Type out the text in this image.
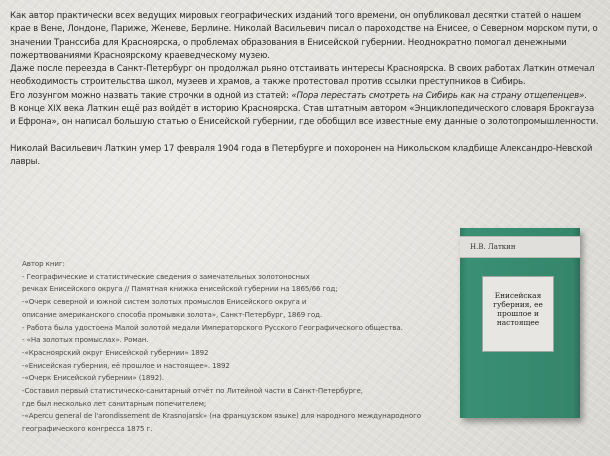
Как автор практически всех ведущих мировых географических изданий того времени, он опубликовал десятки статей о нашем крае в Вене, Лондоне, Париже, Женеве, Берлине. Николай Васильевич писал о пароходстве на Енисее, о Северном морском пути, о значении Транссиба для Красноярска, о проблемах образования в Енисейской губернии. Неоднократно помогал денежными пожертвованиями Красноярскому краеведческому музею.

Даже после переезда в Санкт-Петербург он продолжал рьяно отстаивать интересы Красноярска. В своих работах Латкин отмечал необходимость строительства школ, музеев и храмов, а также протестовал против ссылки преступников в Сибирь.

Его лозунгом можно назвать такие строчки в одной из статей: «Пора перестать смотреть на Сибирь как на страну отщепенцев».

В конце XIX века Латкин ещё раз войдёт в историю Красноярска. Став штатным автором «Энциклопедического словаря Брокгауза и Ефрона», он написал большую статью о Енисейской губернии, где обобщил все известные ему данные о золотопромышленности.

Николай Васильевич Латкин умер 17 февраля 1904 года в Петербурге и похоронен на Никольском кладбище Александро-Невской лавры.

Автор книг:
- Географические и статистические сведения о замечательных золотоносных
речках Енисейского округа // Памятная книжка енисейской губернии на 1865/66 год;
-«Очерк северной и южной систем золотых промыслов Енисейского округа и
описание американского способа промывки золота», Санкт-Петербург, 1869 год.
- Работа была удостоена Малой золотой медали Императорского Русского Географического общества.
- «На золотых промыслах». Роман.
-«Красноярский округ Енисейской губернии» 1892
-«Енисейская губерния, её прошлое и настоящее». 1892
-«Очерк Енисейской губернии» (1892).
-Составил первый статистическо-санитарный отчёт по Литейной части в Санкт-Петербурге,
где был несколько лет санитарным попечителем;
-«Apercu general de l'arondissement de Krasnojarsk» (на французском языке) для народного международного географического конгресса 1875 г.
Н.В. Латкин
Енисейская
губерния, ее
прошлое и
настоящее
